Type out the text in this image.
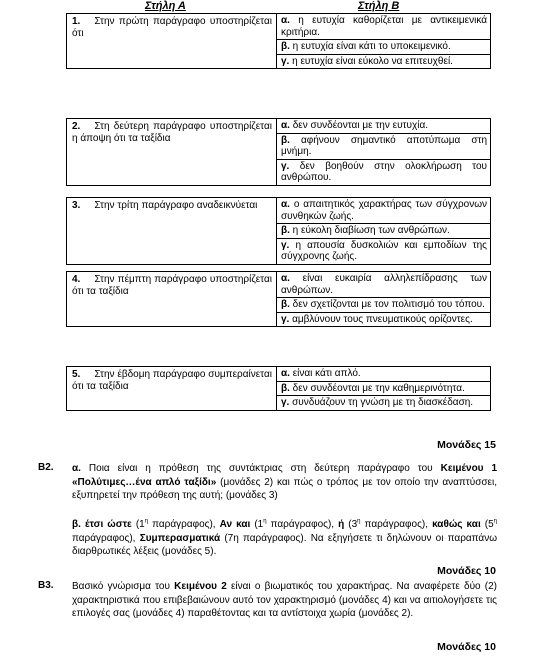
Στήλη Α	Στήλη Β
1. Στην πρώτη παράγραφο υποστηρίζεται ότι
α. η ευτυχία καθορίζεται με αντικειμενικά κριτήρια.
β. η ευτυχία είναι κάτι το υποκειμενικό.
γ. η ευτυχία είναι εύκολο να επιτευχθεί.
2. Στη δεύτερη παράγραφο υποστηρίζεται η άποψη ότι τα ταξίδια
α. δεν συνδέονται με την ευτυχία.
β. αφήνουν σημαντικό αποτύπωμα στη μνήμη.
γ. δεν βοηθούν στην ολοκλήρωση του ανθρώπου.
3. Στην τρίτη παράγραφο αναδεικνύεται	α. ο απαιτητικός χαρακτήρας των σύγχρονων συνθηκών ζωής.
β. η εύκολη διαβίωση των ανθρώπων.
γ. η απουσία δυσκολιών και εμποδίων της σύγχρονης ζωής.
4. Στην πέμπτη παράγραφο υποστηρίζεται ότι τα ταξίδια
α. είναι ευκαιρία αλληλεπίδρασης των ανθρώπων.
β. δεν σχετίζονται με τον πολιτισμό του τόπου.
γ. αμβλύνουν τους πνευματικούς ορίζοντες.
5. Στην έβδομη παράγραφο συμπεραίνεται ότι τα ταξίδια
α. είναι κάτι απλό.
β. δεν συνδέονται με την καθημερινότητα.
γ. συνδυάζουν τη γνώση με τη διασκέδαση.
Μονάδες 15
Β2. α. Ποια είναι η πρόθεση της συντάκτριας στη δεύτερη παράγραφο του Κειμένου 1 «Πολύτιμες…ένα απλό ταξίδι» (μονάδες 2) και πώς ο τρόπος με τον οποίο την αναπτύσσει, εξυπηρετεί την πρόθεση της αυτή; (μονάδες 3)
β. έτσι ώστε ($1^\eta$ παράγραφος), Αν και ($1^\eta$ παράγραφος), ή ($3^\eta$ παράγραφος), καθώς και ($5^\eta$ παράγραφος), Συμπερασματικά (7η παράγραφος). Να εξηγήσετε τι δηλώνουν οι παραπάνω διαρθρωτικές λέξεις (μονάδες 5).
Μονάδες 10
Β3. Βασικό γνώρισμα του Κειμένου 2 είναι ο βιωματικός του χαρακτήρας. Να αναφέρετε δύο (2) χαρακτηριστικά που επιβεβαιώνουν αυτό τον χαρακτηρισμό (μονάδες 4) και να αιτιολογήσετε τις επιλογές σας (μονάδες 4) παραθέτοντας και τα αντίστοιχα χωρία (μονάδες 2).
Μονάδες 10
